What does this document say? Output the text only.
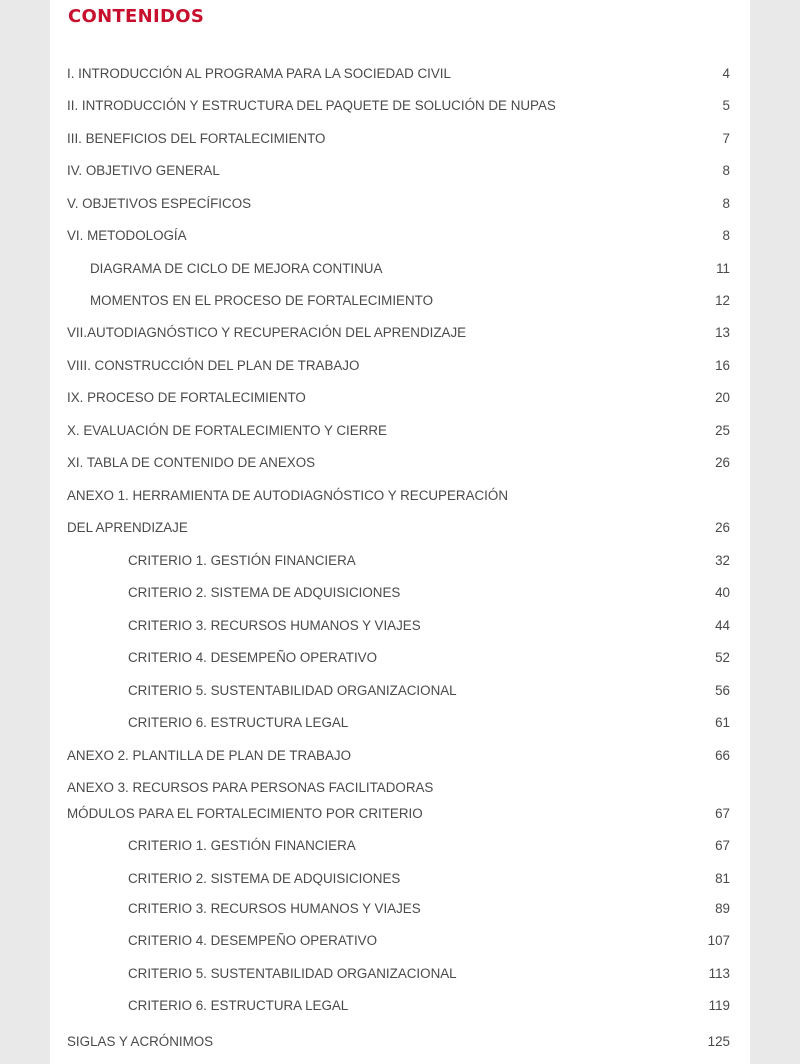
CONTENIDOS
I. INTRODUCCIÓN AL PROGRAMA PARA LA SOCIEDAD CIVIL	4
II. INTRODUCCIÓN Y ESTRUCTURA DEL PAQUETE DE SOLUCIÓN DE NUPAS	5
III. BENEFICIOS DEL FORTALECIMIENTO	7
IV. OBJETIVO GENERAL	8
V. OBJETIVOS ESPECÍFICOS	8
VI. METODOLOGÍA	8
DIAGRAMA DE CICLO DE MEJORA CONTINUA	11
MOMENTOS EN EL PROCESO DE FORTALECIMIENTO	12
VII.AUTODIAGNÓSTICO Y RECUPERACIÓN DEL APRENDIZAJE	13
VIII. CONSTRUCCIÓN DEL PLAN DE TRABAJO	16
IX. PROCESO DE FORTALECIMIENTO	20
X. EVALUACIÓN DE FORTALECIMIENTO Y CIERRE	25
XI. TABLA DE CONTENIDO DE ANEXOS	26
ANEXO 1. HERRAMIENTA DE AUTODIAGNÓSTICO Y RECUPERACIÓN
DEL APRENDIZAJE	26
CRITERIO 1. GESTIÓN FINANCIERA	32
CRITERIO 2. SISTEMA DE ADQUISICIONES	40
CRITERIO 3. RECURSOS HUMANOS Y VIAJES	44
CRITERIO 4. DESEMPEÑO OPERATIVO	52
CRITERIO 5. SUSTENTABILIDAD ORGANIZACIONAL	56
CRITERIO 6. ESTRUCTURA LEGAL	61
ANEXO 2. PLANTILLA DE PLAN DE TRABAJO	66
ANEXO 3. RECURSOS PARA PERSONAS FACILITADORAS
MÓDULOS PARA EL FORTALECIMIENTO POR CRITERIO	67
CRITERIO 1. GESTIÓN FINANCIERA	67
CRITERIO 2. SISTEMA DE ADQUISICIONES	81
CRITERIO 3. RECURSOS HUMANOS Y VIAJES	89
CRITERIO 4. DESEMPEÑO OPERATIVO	107
CRITERIO 5. SUSTENTABILIDAD ORGANIZACIONAL	113
CRITERIO 6. ESTRUCTURA LEGAL	119
SIGLAS Y ACRÓNIMOS	125
